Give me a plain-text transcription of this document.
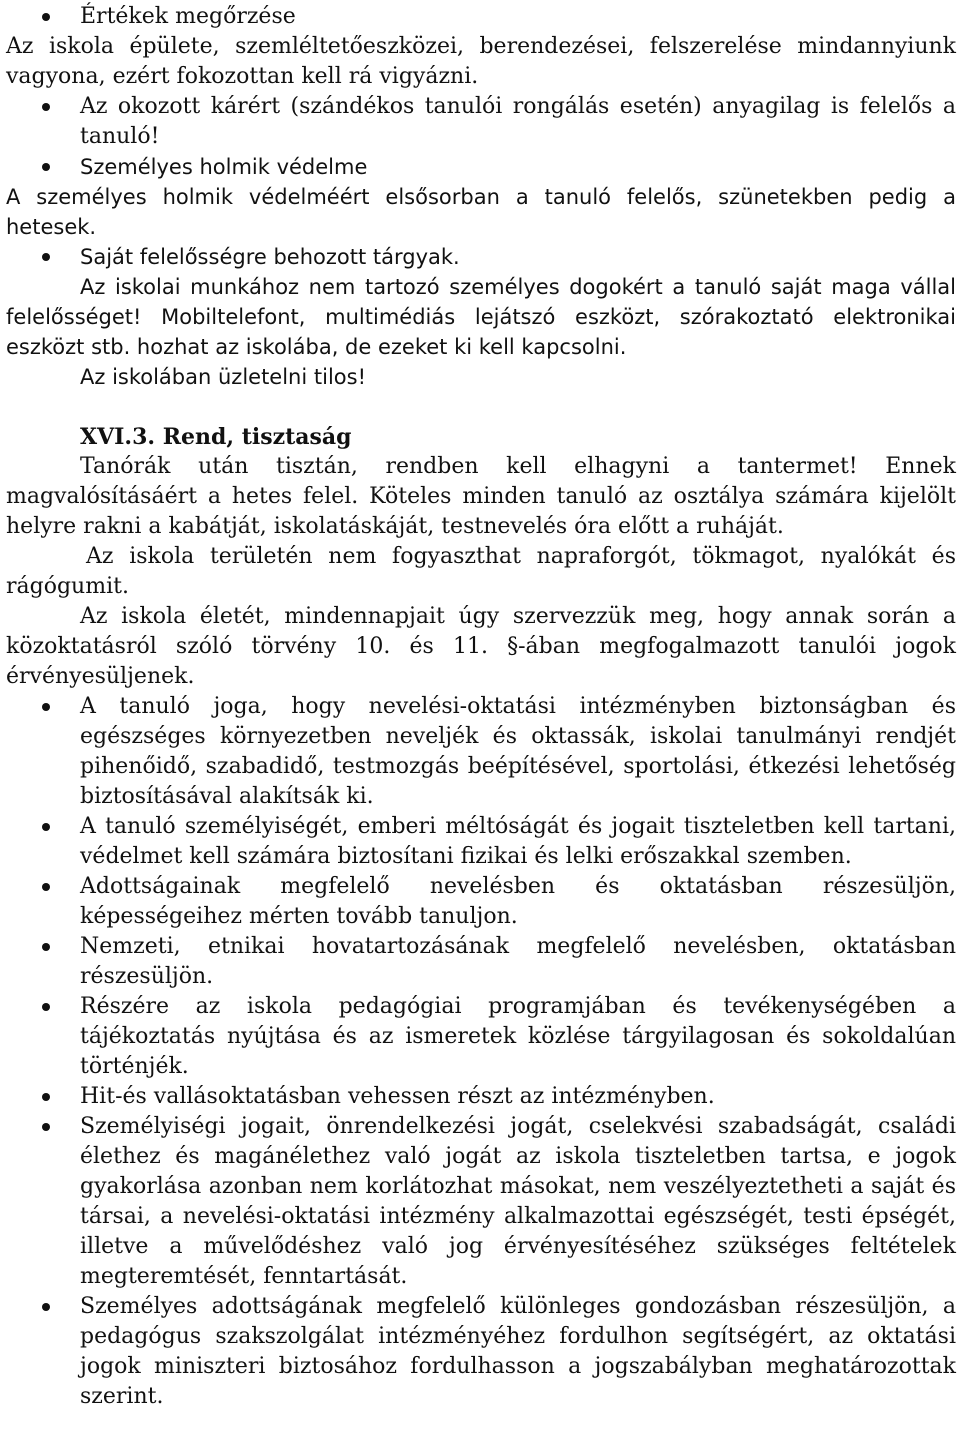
Értékek megőrzése

Az iskola épülete, szemléltetőeszközei, berendezései, felszerelése mindannyiunk vagyona, ezért fokozottan kell rá vigyázni.

Az okozott kárért (szándékos tanulói rongálás esetén) anyagilag is felelős a tanuló!

Személyes holmik védelme

A személyes holmik védelméért elsősorban a tanuló felelős, szünetekben pedig a hetesek.

Saját felelősségre behozott tárgyak.

Az iskolai munkához nem tartozó személyes dogokért a tanuló saját maga vállal felelősséget! Mobiltelefont, multimédiás lejátszó eszközt, szórakoztató elektronikai eszközt stb. hozhat az iskolába, de ezeket ki kell kapcsolni.

Az iskolában üzletelni tilos!

XVI.3. Rend, tisztaság

Tanórák után tisztán, rendben kell elhagyni a tantermet! Ennek magvalósításáért a hetes felel. Köteles minden tanuló az osztálya számára kijelölt helyre rakni a kabátját, iskolatáskáját, testnevelés óra előtt a ruháját.

Az iskola területén nem fogyaszthat napraforgót, tökmagot, nyalókát és rágógumit.

Az iskola életét, mindennapjait úgy szervezzük meg, hogy annak során a közoktatásról szóló törvény 10. és 11. §-ában megfogalmazott tanulói jogok érvényesüljenek.

A tanuló joga, hogy nevelési-oktatási intézményben biztonságban és egészséges környezetben neveljék és oktassák, iskolai tanulmányi rendjét pihenőidő, szabadidő, testmozgás beépítésével, sportolási, étkezési lehetőség biztosításával alakítsák ki.

A tanuló személyiségét, emberi méltóságát és jogait tiszteletben kell tartani, védelmet kell számára biztosítani fizikai és lelki erőszakkal szemben.

Adottságainak megfelelő nevelésben és oktatásban részesüljön, képességeihez mérten tovább tanuljon.

Nemzeti, etnikai hovatartozásának megfelelő nevelésben, oktatásban részesüljön.

Részére az iskola pedagógiai programjában és tevékenységében a tájékoztatás nyújtása és az ismeretek közlése tárgyilagosan és sokoldalúan történjék.

Hit-és vallásoktatásban vehessen részt az intézményben.

Személyiségi jogait, önrendelkezési jogát, cselekvési szabadságát, családi élethez és magánélethez való jogát az iskola tiszteletben tartsa, e jogok gyakorlása azonban nem korlátozhat másokat, nem veszélyeztetheti a saját és társai, a nevelési-oktatási intézmény alkalmazottai egészségét, testi épségét, illetve a művelődéshez való jog érvényesítéséhez szükséges feltételek megteremtését, fenntartását.

Személyes adottságának megfelelő különleges gondozásban részesüljön, a pedagógus szakszolgálat intézményéhez fordulhon segítségért, az oktatási jogok miniszteri biztosához fordulhasson a jogszabályban meghatározottak szerint.
